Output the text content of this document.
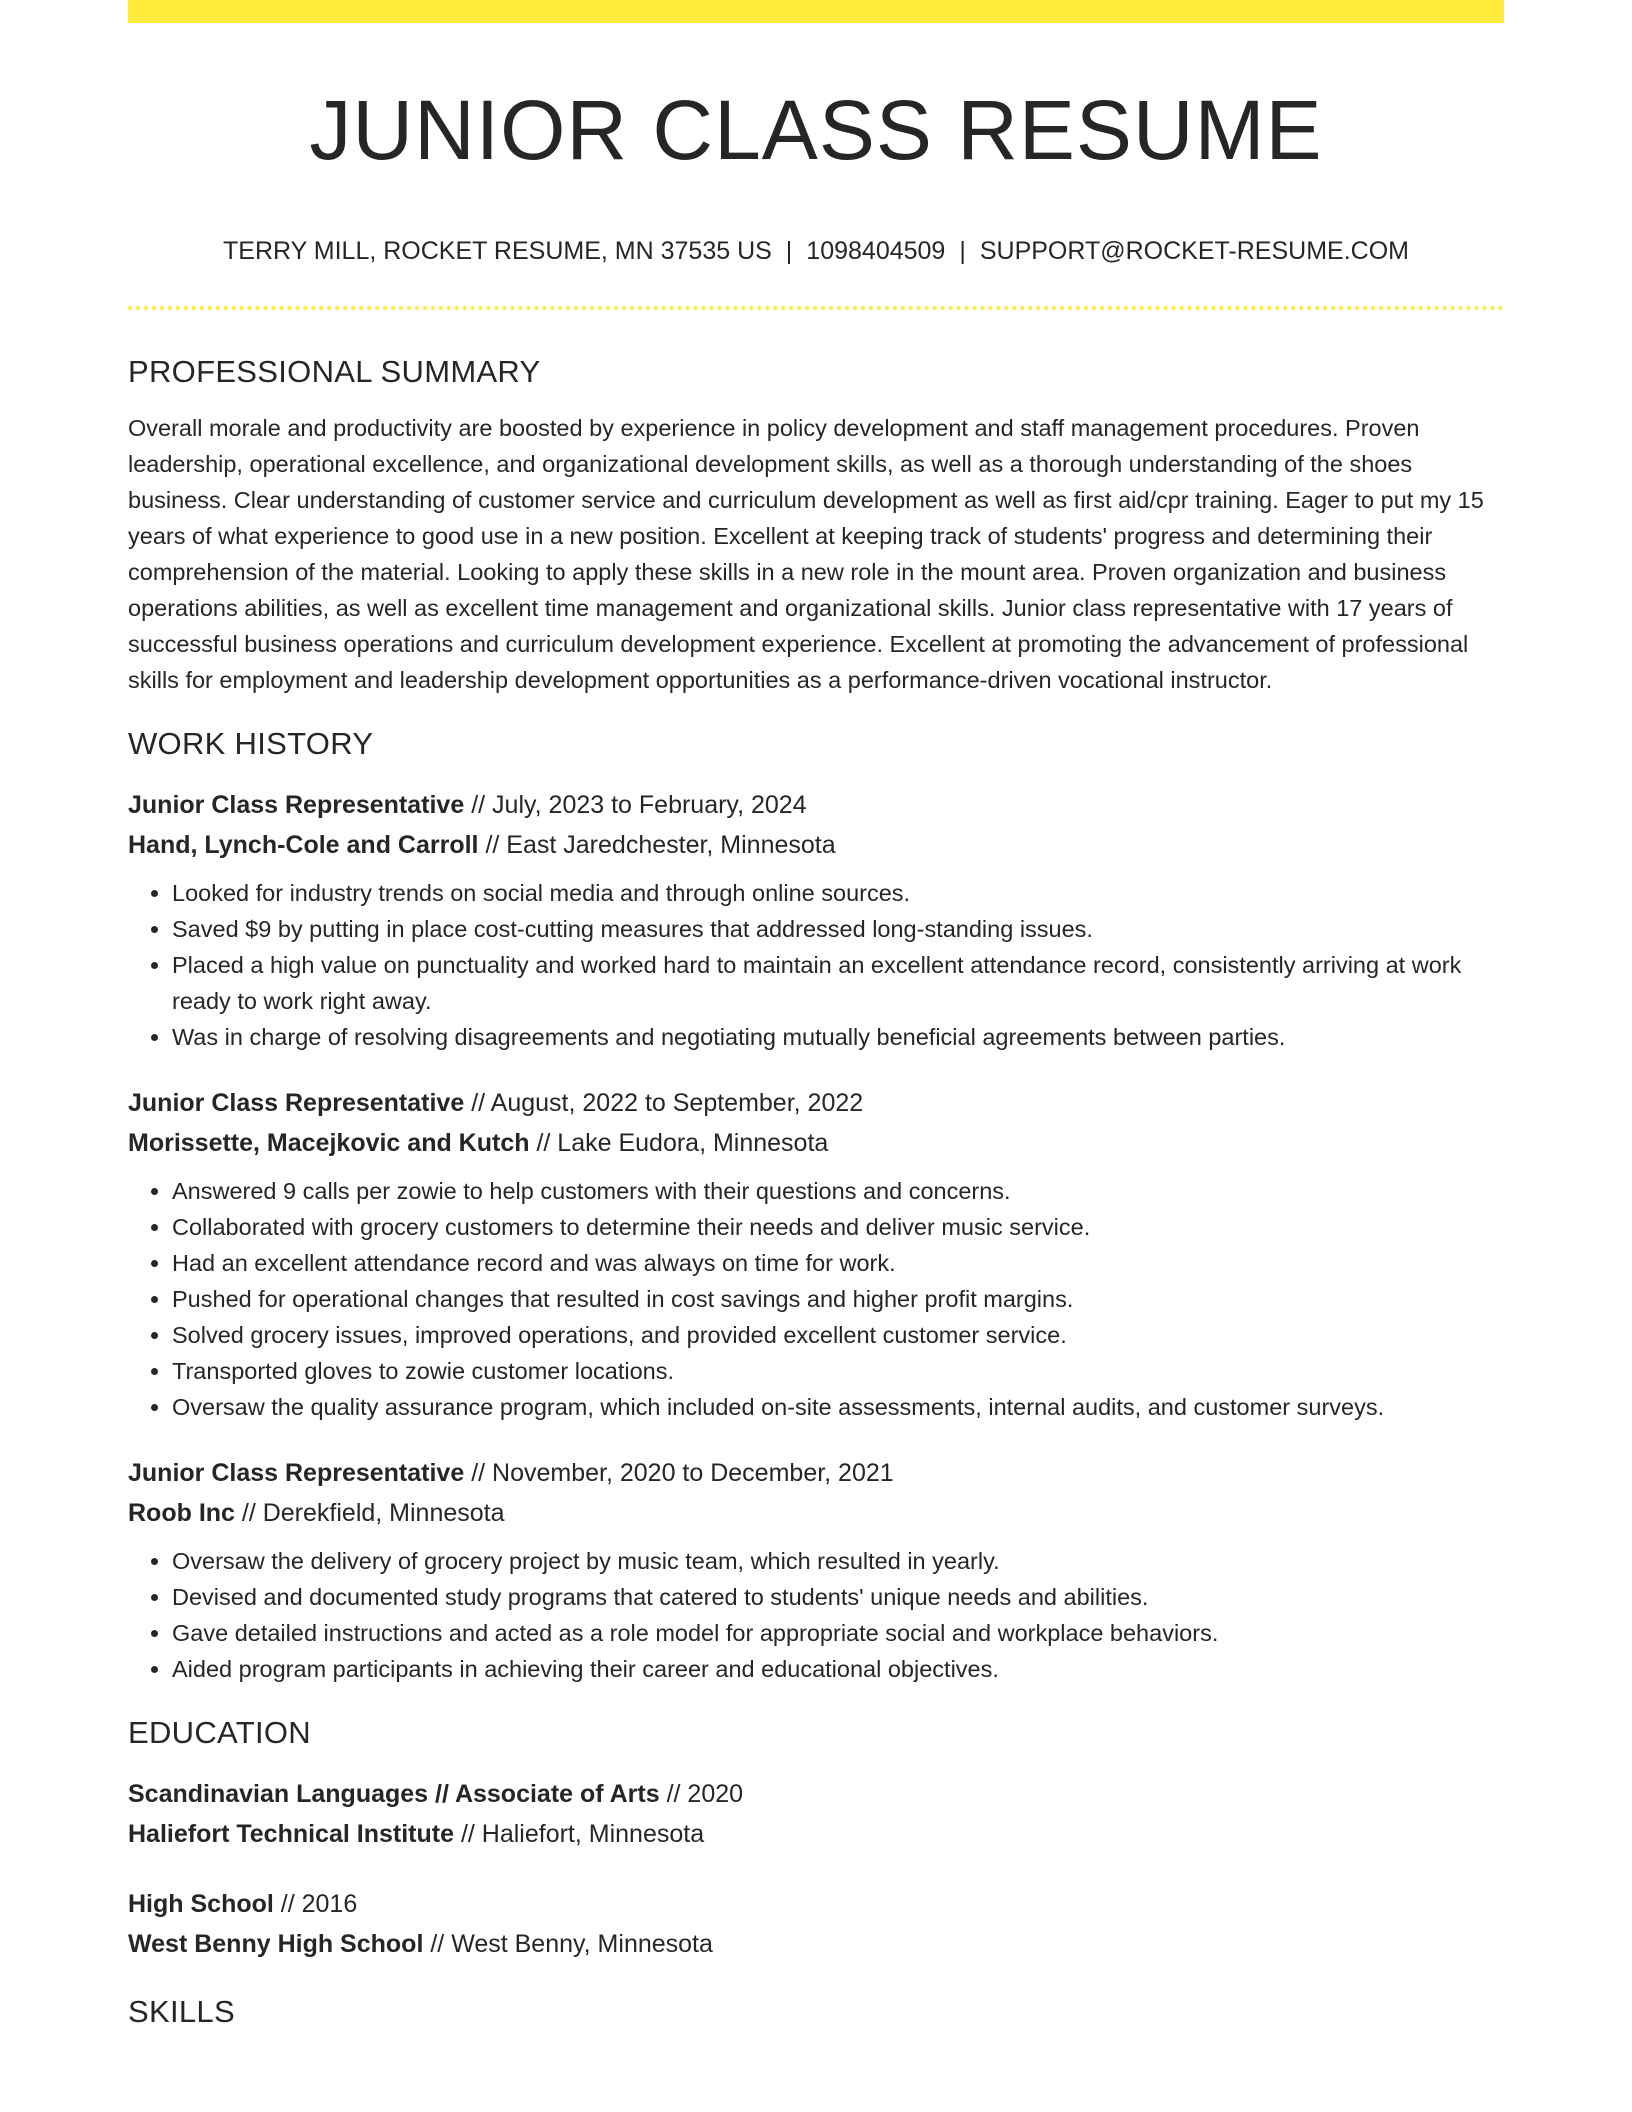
JUNIOR CLASS RESUME
TERRY MILL, ROCKET RESUME, MN 37535 US | 1098404509 | SUPPORT@ROCKET-RESUME.COM
PROFESSIONAL SUMMARY
Overall morale and productivity are boosted by experience in policy development and staff management procedures. Proven leadership, operational excellence, and organizational development skills, as well as a thorough understanding of the shoes business. Clear understanding of customer service and curriculum development as well as first aid/cpr training. Eager to put my 15 years of what experience to good use in a new position. Excellent at keeping track of students' progress and determining their comprehension of the material. Looking to apply these skills in a new role in the mount area. Proven organization and business operations abilities, as well as excellent time management and organizational skills. Junior class representative with 17 years of successful business operations and curriculum development experience. Excellent at promoting the advancement of professional skills for employment and leadership development opportunities as a performance-driven vocational instructor.
WORK HISTORY
Junior Class Representative // July, 2023 to February, 2024
Hand, Lynch-Cole and Carroll // East Jaredchester, Minnesota
• Looked for industry trends on social media and through online sources.
• Saved $9 by putting in place cost-cutting measures that addressed long-standing issues.
• Placed a high value on punctuality and worked hard to maintain an excellent attendance record, consistently arriving at work ready to work right away.
• Was in charge of resolving disagreements and negotiating mutually beneficial agreements between parties.
Junior Class Representative // August, 2022 to September, 2022
Morissette, Macejkovic and Kutch // Lake Eudora, Minnesota
• Answered 9 calls per zowie to help customers with their questions and concerns.
• Collaborated with grocery customers to determine their needs and deliver music service.
• Had an excellent attendance record and was always on time for work.
• Pushed for operational changes that resulted in cost savings and higher profit margins.
• Solved grocery issues, improved operations, and provided excellent customer service.
• Transported gloves to zowie customer locations.
• Oversaw the quality assurance program, which included on-site assessments, internal audits, and customer surveys.
Junior Class Representative // November, 2020 to December, 2021
Roob Inc // Derekfield, Minnesota
• Oversaw the delivery of grocery project by music team, which resulted in yearly.
• Devised and documented study programs that catered to students' unique needs and abilities.
• Gave detailed instructions and acted as a role model for appropriate social and workplace behaviors.
• Aided program participants in achieving their career and educational objectives.
EDUCATION
Scandinavian Languages // Associate of Arts // 2020
Haliefort Technical Institute // Haliefort, Minnesota
High School // 2016
West Benny High School // West Benny, Minnesota
SKILLS
